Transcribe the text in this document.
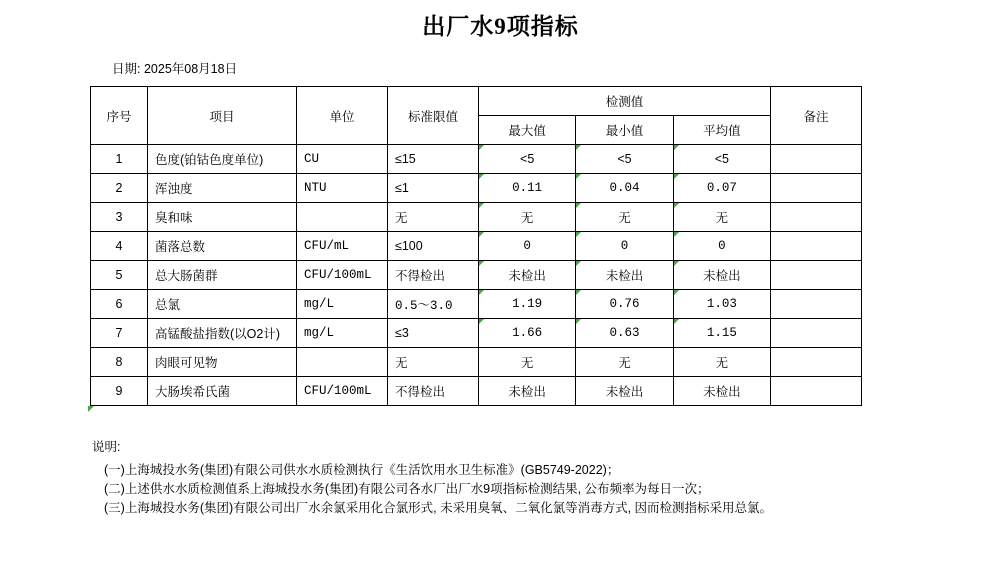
出厂水9项指标
日期: 2025年08月18日
序号	项目	单位	标准限值	检测值			备注
				最大值	最小值	平均值	
1	色度(铂钴色度单位)	CU	≤15	<5	<5	<5	
2	浑浊度	NTU	≤1	0.11	0.04	0.07	
3	臭和味		无	无	无	无	
4	菌落总数	CFU/mL	≤100	0	0	0	
5	总大肠菌群	CFU/100mL	不得检出	未检出	未检出	未检出	
6	总氯	mg/L	0.5～3.0	1.19	0.76	1.03	
7	高锰酸盐指数(以O2计)	mg/L	≤3	1.66	0.63	1.15	
8	肉眼可见物		无	无	无	无	
9	大肠埃希氏菌	CFU/100mL	不得检出	未检出	未检出	未检出	
说明:
(一)上海城投水务(集团)有限公司供水水质检测执行《生活饮用水卫生标准》(GB5749-2022)；
(二)上述供水水质检测值系上海城投水务(集团)有限公司各水厂出厂水9项指标检测结果, 公布频率为每日一次；
(三)上海城投水务(集团)有限公司出厂水余氯采用化合氯形式, 未采用臭氧、二氧化氯等消毒方式, 因而检测指标采用总氯。
